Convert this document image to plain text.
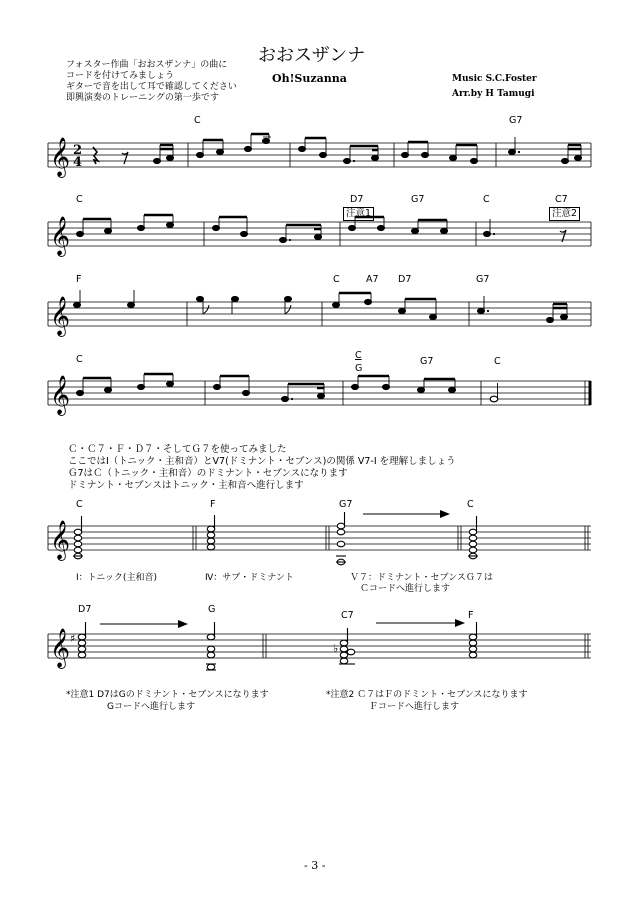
フォスター作曲「おおスザンナ」の曲に
コードを付けてみましょう
ギターで音を出して耳で確認してください
即興演奏のトレーニングの第一歩です
おおスザンナ
Oh!Suzanna	Music S.C.Foster
Arr.by H Tamugi
C	G7
𝄞 2
4
C	D7	G7	C	C7
注意1	注意2
𝄞
F	C	A7 D7	G7
𝄞
C	C
G
G7	C
𝄞
Ｃ・Ｃ７・Ｆ・Ｄ７・そしてＧ７を使ってみました
ここではⅠ（トニック・主和音）とⅤ7(ドミナント・セブンス)の関係 V7-I を理解しましょう
Ｇ7はＣ（トニック・主和音）のドミナント・セブンスになります
ドミナント・セブンスはトニック・主和音へ進行します
C	F	G7	C
𝄞
Ⅰ：トニック(主和音)	Ⅳ：サブ・ドミナント	Ｖ７：ドミナント・セブンスＧ７は
Ｃコードへ進行します
D7	G
C7	F
𝄞 ♯
♭
*注意1 D7はGのドミナント・セブンスになります
Gコードへ進行します
*注意2 Ｃ７はＦのドミント・セブンスになります
Ｆコードへ進行します
- 3 -
